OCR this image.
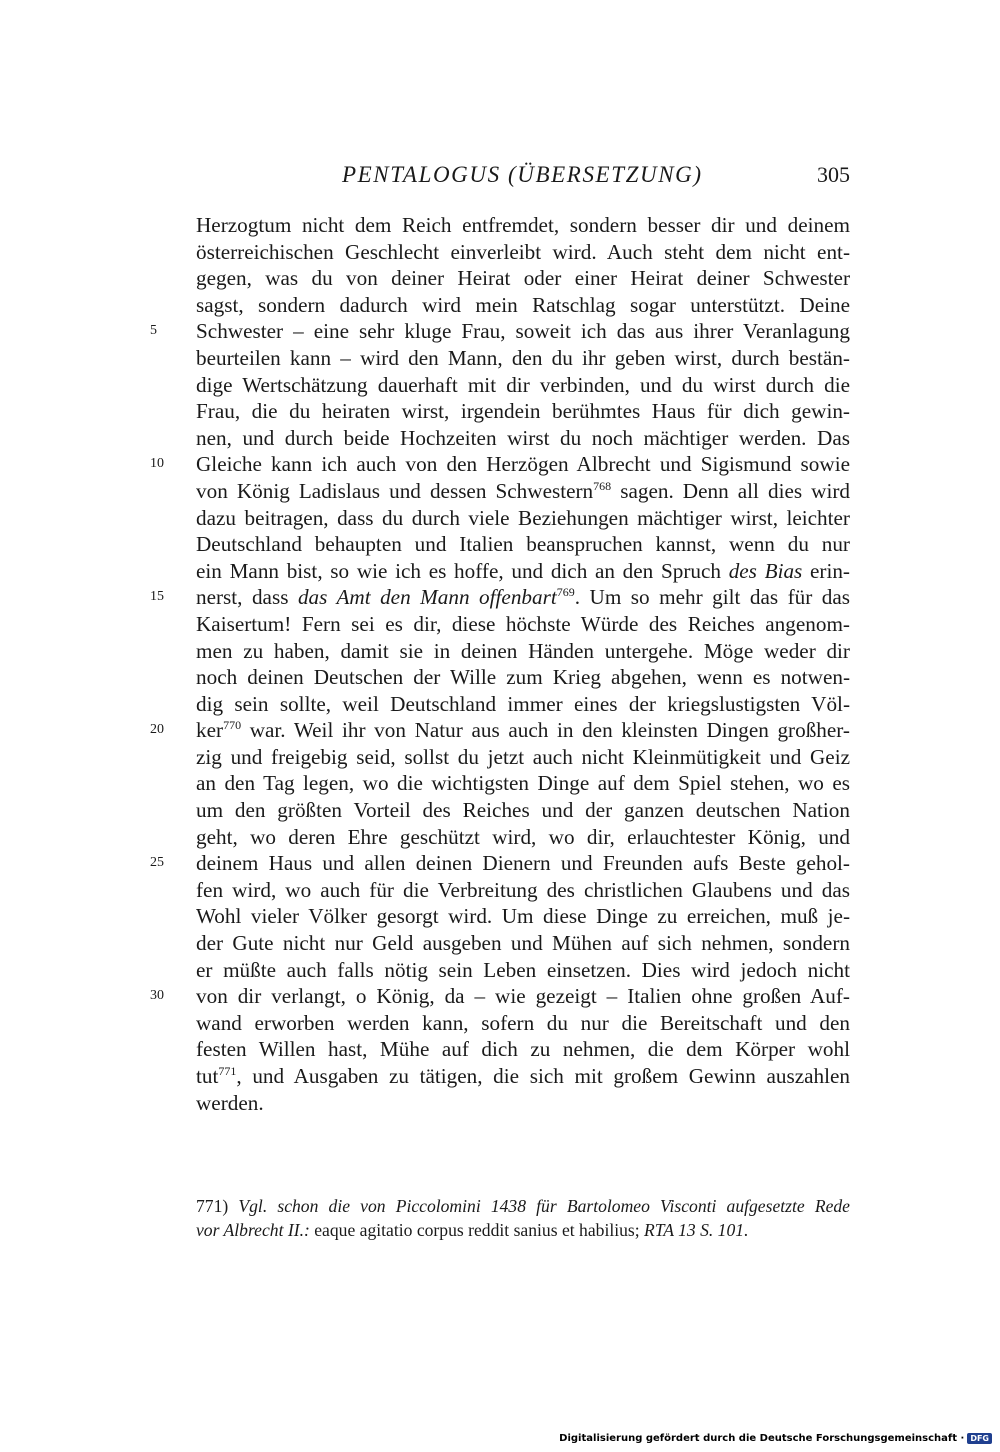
PENTALOGUS (ÜBERSETZUNG)	305
Herzogtum nicht dem Reich entfremdet, sondern besser dir und deinem
österreichischen Geschlecht einverleibt wird. Auch steht dem nicht ent-
gegen, was du von deiner Heirat oder einer Heirat deiner Schwester
sagst, sondern dadurch wird mein Ratschlag sogar unterstützt. Deine
5	Schwester – eine sehr kluge Frau, soweit ich das aus ihrer Veranlagung
beurteilen kann – wird den Mann, den du ihr geben wirst, durch bestän-
dige Wertschätzung dauerhaft mit dir verbinden, und du wirst durch die
Frau, die du heiraten wirst, irgendein berühmtes Haus für dich gewin-
nen, und durch beide Hochzeiten wirst du noch mächtiger werden. Das
10	Gleiche kann ich auch von den Herzögen Albrecht und Sigismund sowie
von König Ladislaus und dessen Schwestern$^{768}$ sagen. Denn all dies wird
dazu beitragen, dass du durch viele Beziehungen mächtiger wirst, leichter
Deutschland behaupten und Italien beanspruchen kannst, wenn du nur
ein Mann bist, so wie ich es hoffe, und dich an den Spruch des Bias erin-
15	nerst, dass das Amt den Mann offenbart$^{769}$. Um so mehr gilt das für das
Kaisertum! Fern sei es dir, diese höchste Würde des Reiches angenom-
men zu haben, damit sie in deinen Händen untergehe. Möge weder dir
noch deinen Deutschen der Wille zum Krieg abgehen, wenn es notwen-
dig sein sollte, weil Deutschland immer eines der kriegslustigsten Völ-
20	ker$^{770}$ war. Weil ihr von Natur aus auch in den kleinsten Dingen großher-
zig und freigebig seid, sollst du jetzt auch nicht Kleinmütigkeit und Geiz
an den Tag legen, wo die wichtigsten Dinge auf dem Spiel stehen, wo es
um den größten Vorteil des Reiches und der ganzen deutschen Nation
geht, wo deren Ehre geschützt wird, wo dir, erlauchtester König, und
25	deinem Haus und allen deinen Dienern und Freunden aufs Beste gehol-
fen wird, wo auch für die Verbreitung des christlichen Glaubens und das
Wohl vieler Völker gesorgt wird. Um diese Dinge zu erreichen, muß je-
der Gute nicht nur Geld ausgeben und Mühen auf sich nehmen, sondern
er müßte auch falls nötig sein Leben einsetzen. Dies wird jedoch nicht
30	von dir verlangt, o König, da – wie gezeigt – Italien ohne großen Auf-
wand erworben werden kann, sofern du nur die Bereitschaft und den
festen Willen hast, Mühe auf dich zu nehmen, die dem Körper wohl
tut$^{771}$, und Ausgaben zu tätigen, die sich mit großem Gewinn auszahlen
werden.
771) Vgl. schon die von Piccolomini 1438 für Bartolomeo Visconti aufgesetzte Rede
vor Albrecht II.: eaque agitatio corpus reddit sanius et habilius; RTA 13 S. 101.
Digitalisierung gefördert durch die Deutsche Forschungsgemeinschaft · DFG
